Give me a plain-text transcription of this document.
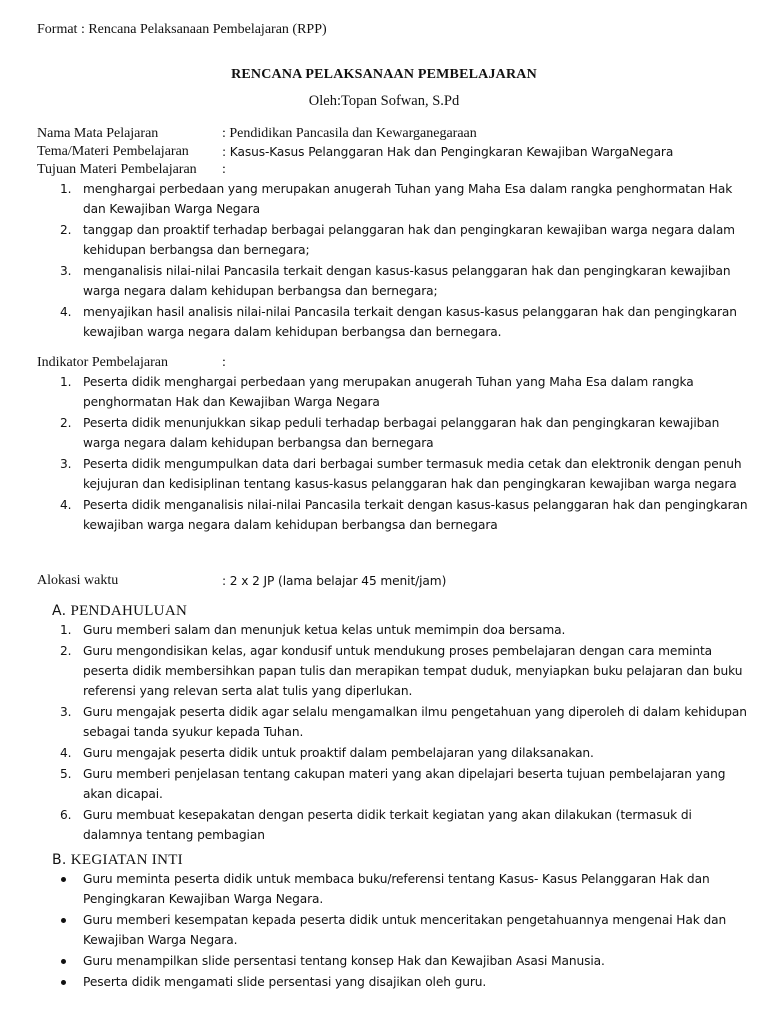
Format : Rencana Pelaksanaan Pembelajaran (RPP)
RENCANA PELAKSANAAN PEMBELAJARAN
Oleh:Topan Sofwan, S.Pd
Nama Mata Pelajaran	: Pendidikan Pancasila dan Kewarganegaraan
Tema/Materi Pembelajaran	: Kasus-Kasus Pelanggaran Hak dan Pengingkaran Kewajiban WargaNegara
Tujuan Materi Pembelajaran :
1. menghargai perbedaan yang merupakan anugerah Tuhan yang Maha Esa dalam rangka penghormatan Hak dan Kewajiban Warga Negara
2. tanggap dan proaktif terhadap berbagai pelanggaran hak dan pengingkaran kewajiban warga negara dalam kehidupan berbangsa dan bernegara;
3. menganalisis nilai-nilai Pancasila terkait dengan kasus-kasus pelanggaran hak dan pengingkaran kewajiban warga negara dalam kehidupan berbangsa dan bernegara;
4. menyajikan hasil analisis nilai-nilai Pancasila terkait dengan kasus-kasus pelanggaran hak dan pengingkaran kewajiban warga negara dalam kehidupan berbangsa dan bernegara.
Indikator Pembelajaran	:
1. Peserta didik menghargai perbedaan yang merupakan anugerah Tuhan yang Maha Esa dalam rangka penghormatan Hak dan Kewajiban Warga Negara
2. Peserta didik menunjukkan sikap peduli terhadap berbagai pelanggaran hak dan pengingkaran kewajiban warga negara dalam kehidupan berbangsa dan bernegara
3. Peserta didik mengumpulkan data dari berbagai sumber termasuk media cetak dan elektronik dengan penuh kejujuran dan kedisiplinan tentang kasus-kasus pelanggaran hak dan pengingkaran kewajiban warga negara
4. Peserta didik menganalisis nilai-nilai Pancasila terkait dengan kasus-kasus pelanggaran hak dan pengingkaran kewajiban warga negara dalam kehidupan berbangsa dan bernegara
Alokasi waktu	: 2 x 2 JP (lama belajar 45 menit/jam)
A. PENDAHULUAN
1. Guru memberi salam dan menunjuk ketua kelas untuk memimpin doa bersama.
2. Guru mengondisikan kelas, agar kondusif untuk mendukung proses pembelajaran dengan cara meminta peserta didik membersihkan papan tulis dan merapikan tempat duduk, menyiapkan buku pelajaran dan buku referensi yang relevan serta alat tulis yang diperlukan.
3. Guru mengajak peserta didik agar selalu mengamalkan ilmu pengetahuan yang diperoleh di dalam kehidupan sebagai tanda syukur kepada Tuhan.
4. Guru mengajak peserta didik untuk proaktif dalam pembelajaran yang dilaksanakan.
5. Guru memberi penjelasan tentang cakupan materi yang akan dipelajari beserta tujuan pembelajaran yang akan dicapai.
6. Guru membuat kesepakatan dengan peserta didik terkait kegiatan yang akan dilakukan (termasuk di dalamnya tentang pembagian
B. KEGIATAN INTI
Guru meminta peserta didik untuk membaca buku/referensi tentang Kasus- Kasus Pelanggaran Hak dan Pengingkaran Kewajiban Warga Negara.
Guru memberi kesempatan kepada peserta didik untuk menceritakan pengetahuannya mengenai Hak dan Kewajiban Warga Negara.
Guru menampilkan slide persentasi tentang konsep Hak dan Kewajiban Asasi Manusia.
Peserta didik mengamati slide persentasi yang disajikan oleh guru.
